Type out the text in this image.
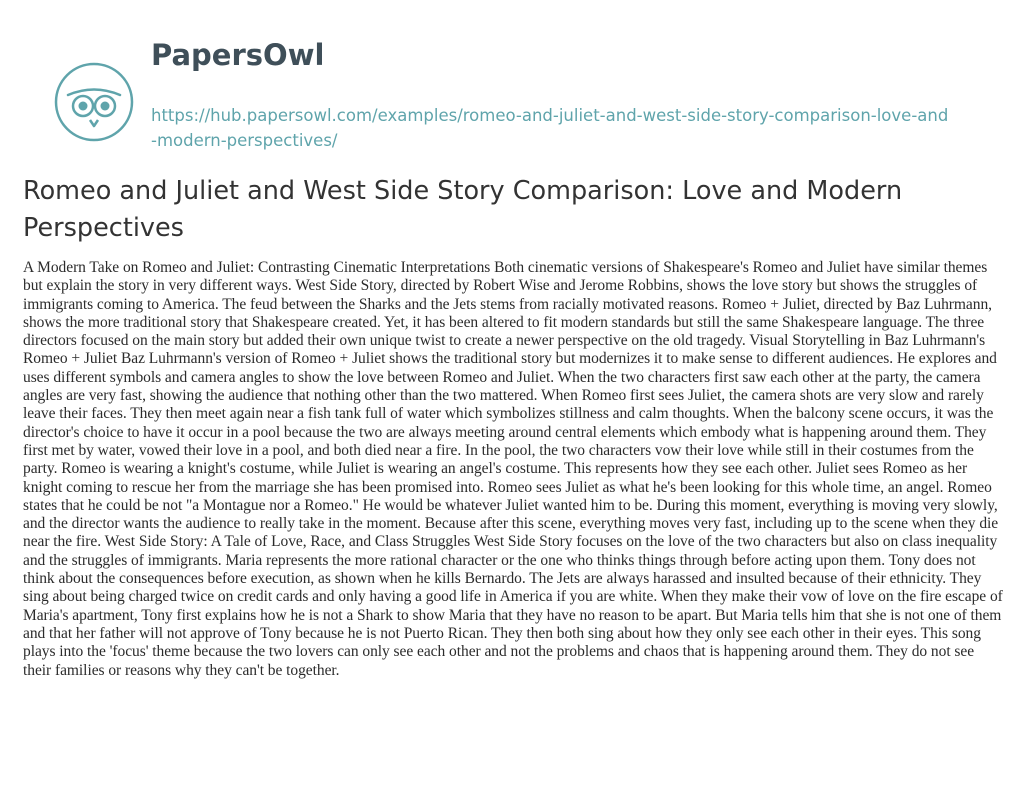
PapersOwl
https://hub.papersowl.com/examples/romeo-and-juliet-and-west-side-story-comparison-love-and-modern-perspectives/
Romeo and Juliet and West Side Story Comparison: Love and Modern Perspectives

A Modern Take on Romeo and Juliet: Contrasting Cinematic Interpretations Both cinematic versions of Shakespeare's Romeo and Juliet have similar themes but explain the story in very different ways. West Side Story, directed by Robert Wise and Jerome Robbins, shows the love story but shows the struggles of immigrants coming to America. The feud between the Sharks and the Jets stems from racially motivated reasons. Romeo + Juliet, directed by Baz Luhrmann, shows the more traditional story that Shakespeare created. Yet, it has been altered to fit modern standards but still the same Shakespeare language. The three directors focused on the main story but added their own unique twist to create a newer perspective on the old tragedy. Visual Storytelling in Baz Luhrmann's Romeo + Juliet Baz Luhrmann's version of Romeo + Juliet shows the traditional story but modernizes it to make sense to different audiences. He explores and uses different symbols and camera angles to show the love between Romeo and Juliet. When the two characters first saw each other at the party, the camera angles are very fast, showing the audience that nothing other than the two mattered. When Romeo first sees Juliet, the camera shots are very slow and rarely leave their faces. They then meet again near a fish tank full of water which symbolizes stillness and calm thoughts. When the balcony scene occurs, it was the director's choice to have it occur in a pool because the two are always meeting around central elements which embody what is happening around them. They first met by water, vowed their love in a pool, and both died near a fire. In the pool, the two characters vow their love while still in their costumes from the party. Romeo is wearing a knight's costume, while Juliet is wearing an angel's costume. This represents how they see each other. Juliet sees Romeo as her knight coming to rescue her from the marriage she has been promised into. Romeo sees Juliet as what he's been looking for this whole time, an angel. Romeo states that he could be not "a Montague nor a Romeo." He would be whatever Juliet wanted him to be. During this moment, everything is moving very slowly, and the director wants the audience to really take in the moment. Because after this scene, everything moves very fast, including up to the scene when they die near the fire. West Side Story: A Tale of Love, Race, and Class Struggles West Side Story focuses on the love of the two characters but also on class inequality and the struggles of immigrants. Maria represents the more rational character or the one who thinks things through before acting upon them. Tony does not think about the consequences before execution, as shown when he kills Bernardo. The Jets are always harassed and insulted because of their ethnicity. They sing about being charged twice on credit cards and only having a good life in America if you are white. When they make their vow of love on the fire escape of Maria's apartment, Tony first explains how he is not a Shark to show Maria that they have no reason to be apart. But Maria tells him that she is not one of them and that her father will not approve of Tony because he is not Puerto Rican. They then both sing about how they only see each other in their eyes. This song plays into the 'focus' theme because the two lovers can only see each other and not the problems and chaos that is happening around them. They do not see their families or reasons why they can't be together.
